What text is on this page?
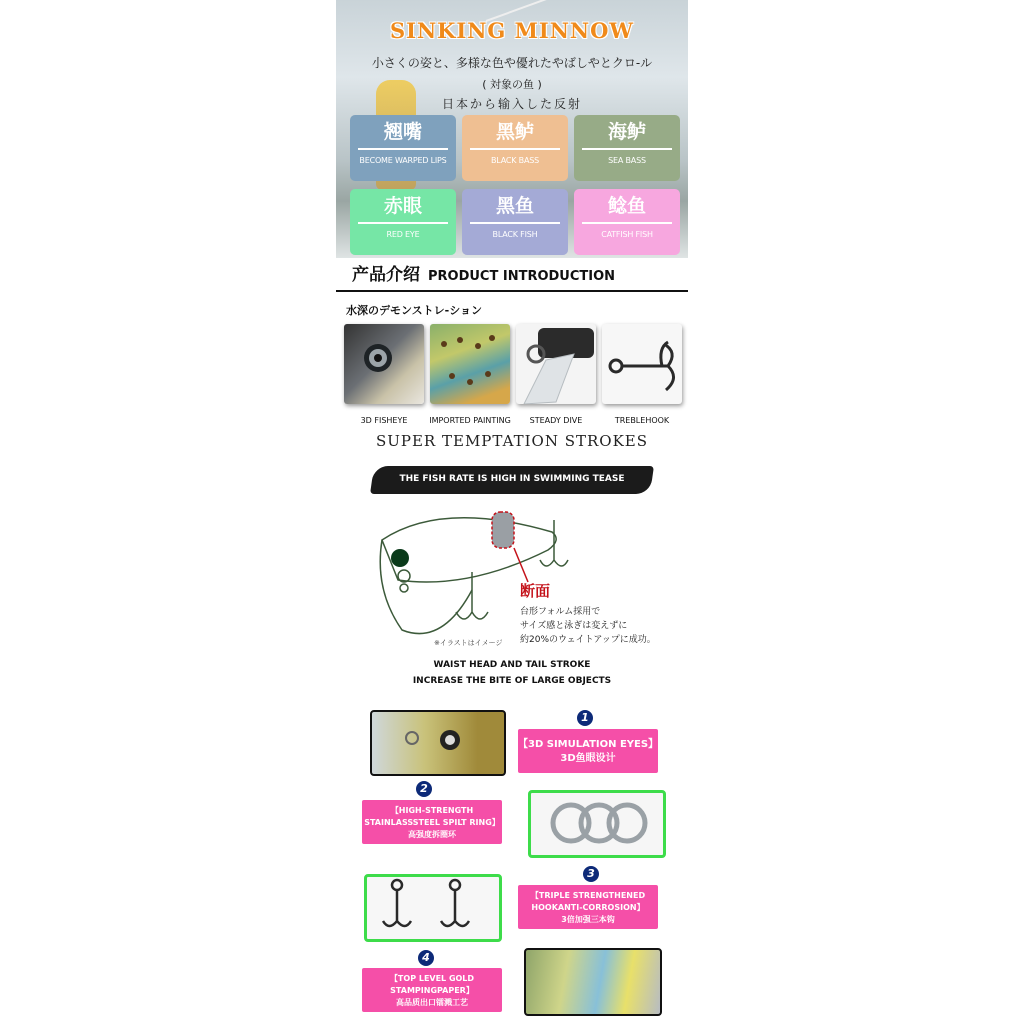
SINKING MINNOW
小さくの姿と、多様な色や優れたやばしやとクロ-ル
( 対象の鱼 )
日本から输入した反射
翘嘴
BECOME WARPED LIPS
黑鲈
BLACK BASS
海鲈
SEA BASS
赤眼
RED EYE
黑鱼
BLACK FISH
鲶鱼
CATFISH FISH
产品介绍 PRODUCT INTRODUCTION
水深のデモンストレ-ション
3D FISHEYE	IMPORTED PAINTING	STEADY DIVE	TREBLEHOOK
SUPER TEMPTATION STROKES
THE FISH RATE IS HIGH IN SWIMMING TEASE
断面
台形フォルム採用で
サイズ感と泳ぎは変えずに
約20%のウェイトアップに成功。
※イラストはイメージ
WAIST HEAD AND TAIL STROKE
INCREASE THE BITE OF LARGE OBJECTS
1
【3D SIMULATION EYES】
3D鱼眼设计
2
【HIGH-STRENGTH
STAINLASSSTEEL SPILT RING】
高强度拆圈环
3
【TRIPLE STRENGTHENED
HOOKANTI-CORROSION】
3倍加强三本钩
4
【TOP LEVEL GOLD
STAMPINGPAPER】
高品质出口镭溅工艺
